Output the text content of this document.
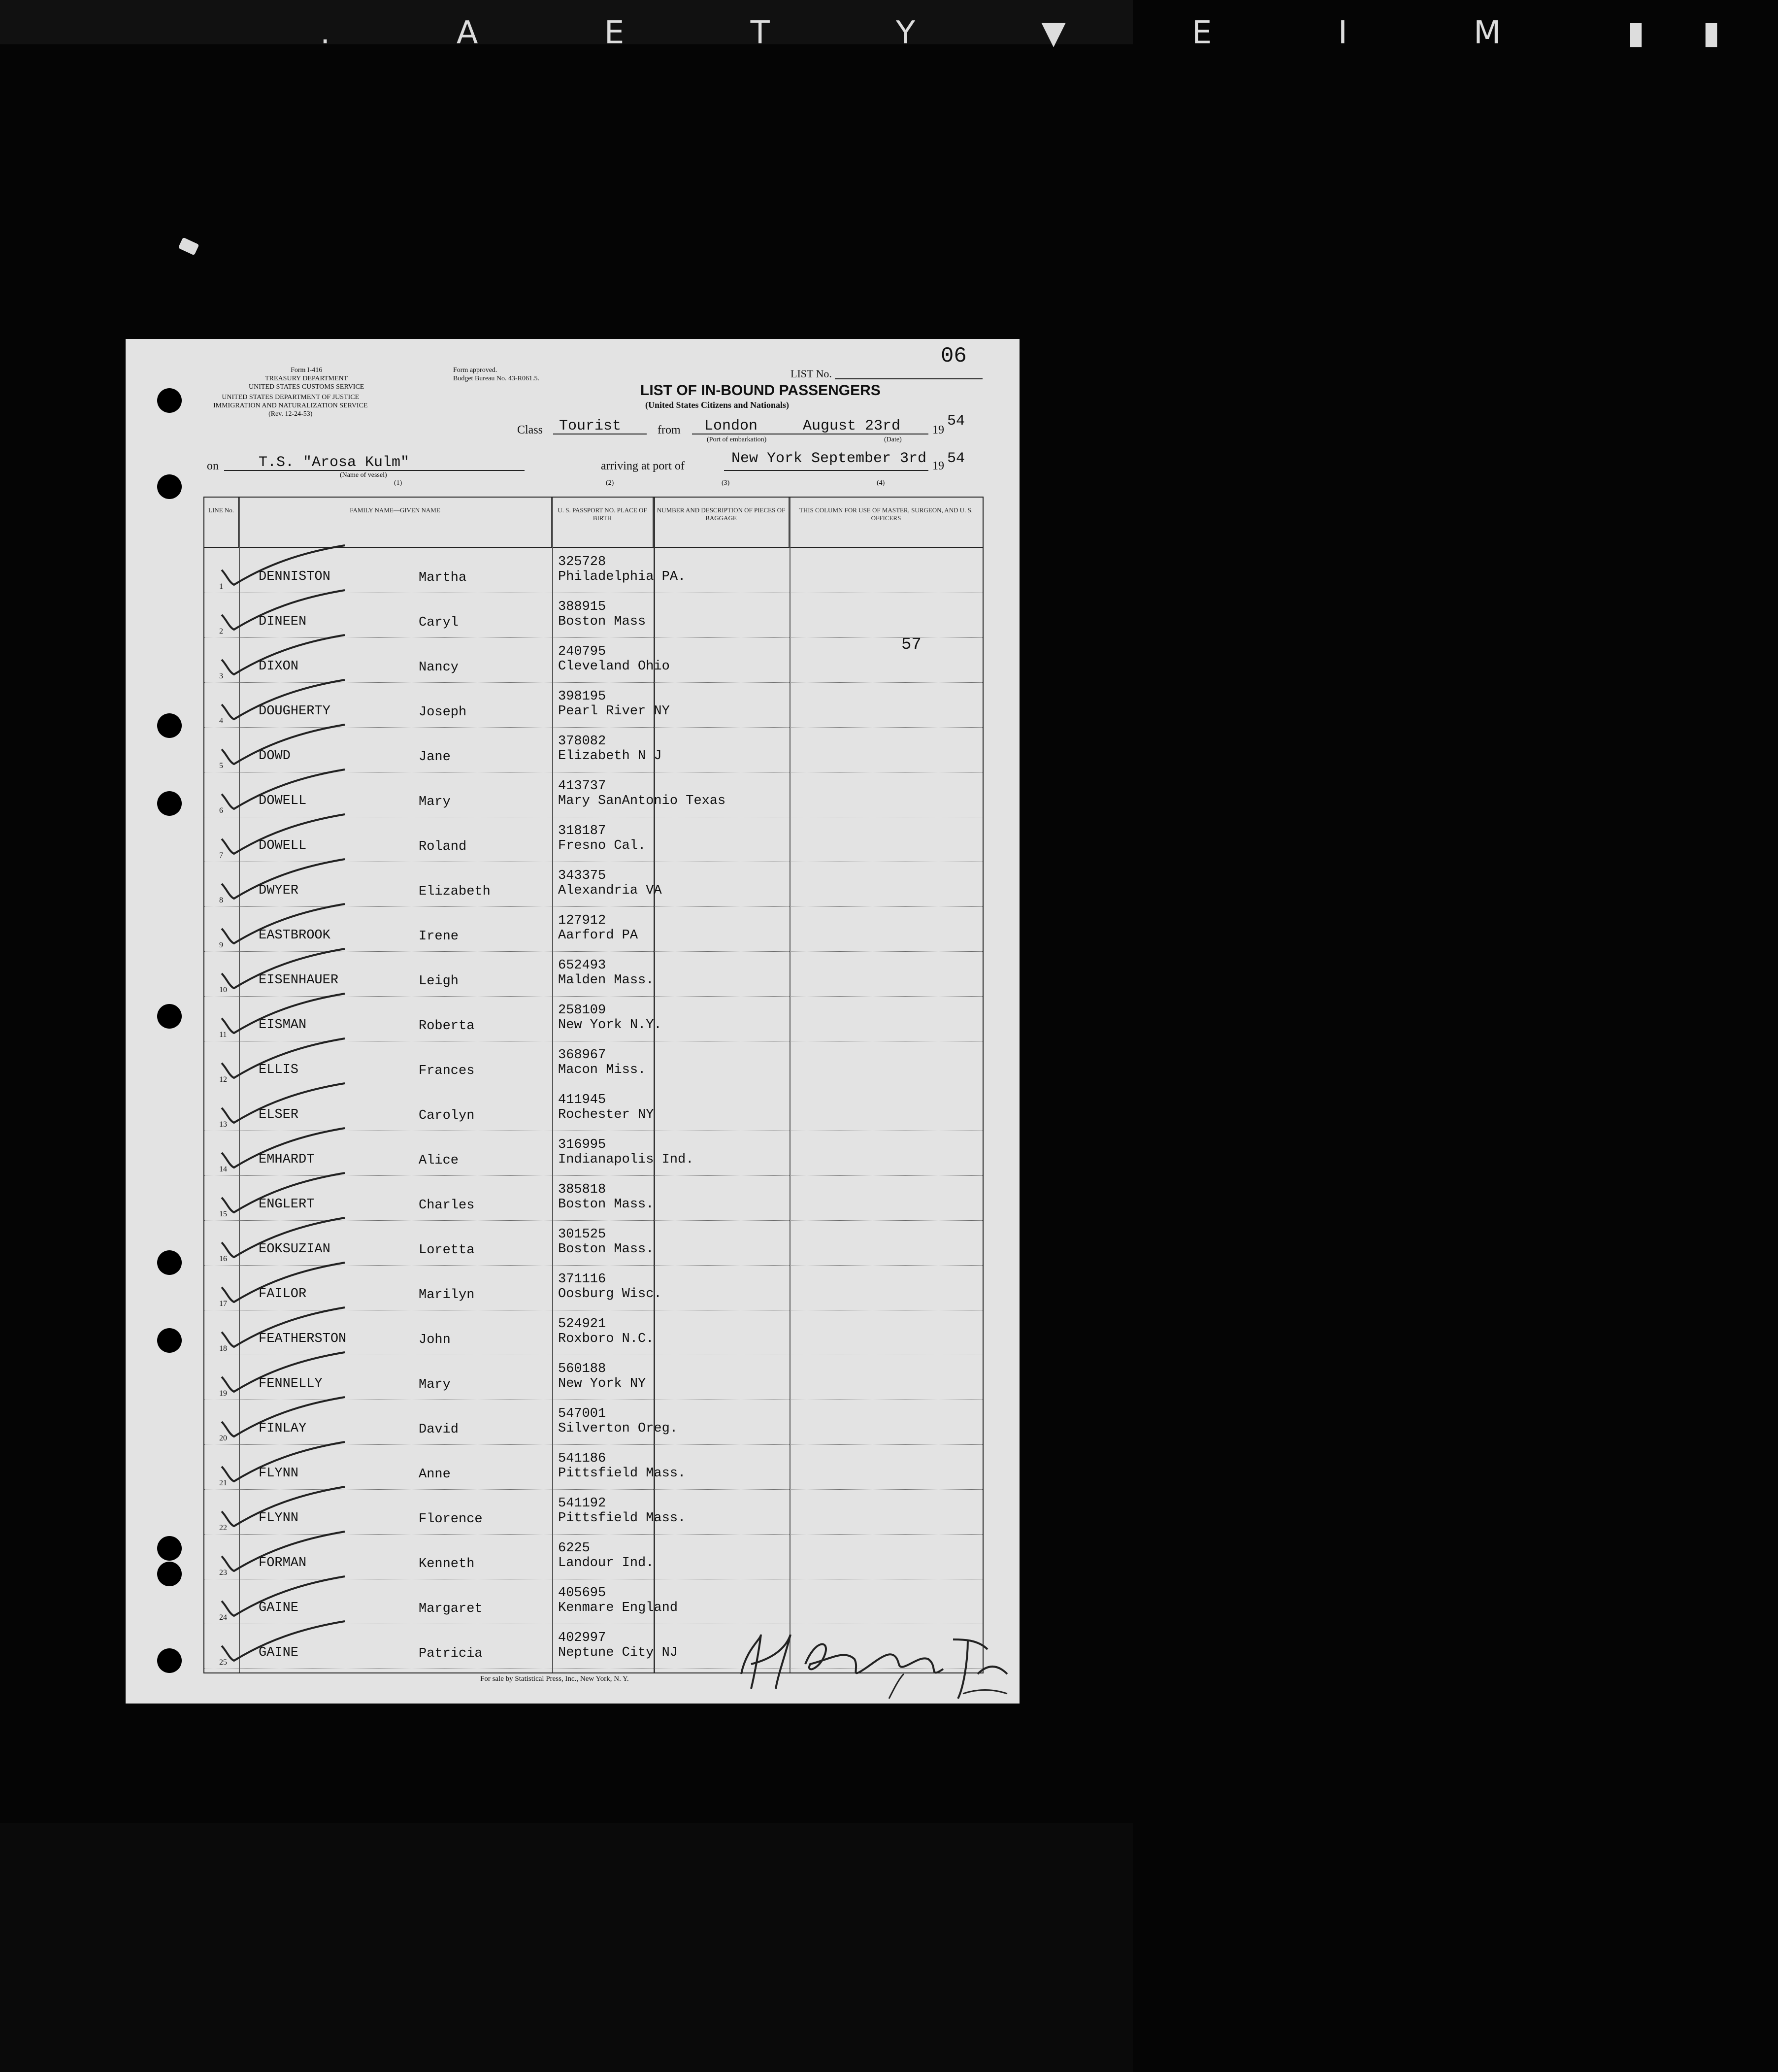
. A E T Y ▼ E I M ▮▮
Form I-416
TREASURY DEPARTMENT
UNITED STATES CUSTOMS SERVICE
UNITED STATES DEPARTMENT OF JUSTICE
IMMIGRATION AND NATURALIZATION SERVICE
(Rev. 12-24-53)
Form approved.
Budget Bureau No. 43-R061.5.	LIST No.
06
LIST OF IN-BOUND PASSENGERS
(United States Citizens and Nationals)
Class Tourist	from London	August 23rd
(Port of embarkation)	(Date)
19
54
on	T.S. "Arosa Kulm"
(Name of vessel)
arriving at port of	New York September 3rd 19 54
(1)	(2)	(3)	(4)
LINE No.	FAMILY NAME—GIVEN NAME	U. S. PASSPORT NO. PLACE OF BIRTH
NUMBER AND DESCRIPTION OF PIECES OF BAGGAGE
THIS COLUMN FOR USE OF MASTER, SURGEON, AND U. S. OFFICERS
57
1
DENNISTON	Martha
325728
Philadelphia PA.
2
DINEEN	Caryl
388915
Boston Mass
3
DIXON	Nancy
240795
Cleveland Ohio
4
DOUGHERTY	Joseph
398195
Pearl River NY
5
DOWD	Jane
378082
Elizabeth N J
6
DOWELL	Mary
413737
Mary SanAntonio Texas
7
DOWELL	Roland
318187
Fresno Cal.
8
DWYER	Elizabeth
343375
Alexandria VA
9
EASTBROOK	Irene
127912
Aarford PA
10
EISENHAUER	Leigh
652493
Malden Mass.
11
EISMAN	Roberta
258109
New York N.Y.
12
ELLIS	Frances
368967
Macon Miss.
13
ELSER	Carolyn
411945
Rochester NY
14
EMHARDT	Alice
316995
Indianapolis Ind.
15
ENGLERT	Charles
385818
Boston Mass.
16
EOKSUZIAN	Loretta
301525
Boston Mass.
17
FAILOR	Marilyn
371116
Oosburg Wisc.
18
FEATHERSTON	John
524921
Roxboro N.C.
19
FENNELLY	Mary
560188
New York NY
20
FINLAY	David
547001
Silverton Oreg.
21
FLYNN	Anne
541186
Pittsfield Mass.
22
FLYNN	Florence
541192
Pittsfield Mass.
23
FORMAN	Kenneth
6225
Landour Ind.
24
GAINE	Margaret
405695
Kenmare England
25
GAINE	Patricia
402997
Neptune City NJ
For sale by Statistical Press, Inc., New York, N. Y.
